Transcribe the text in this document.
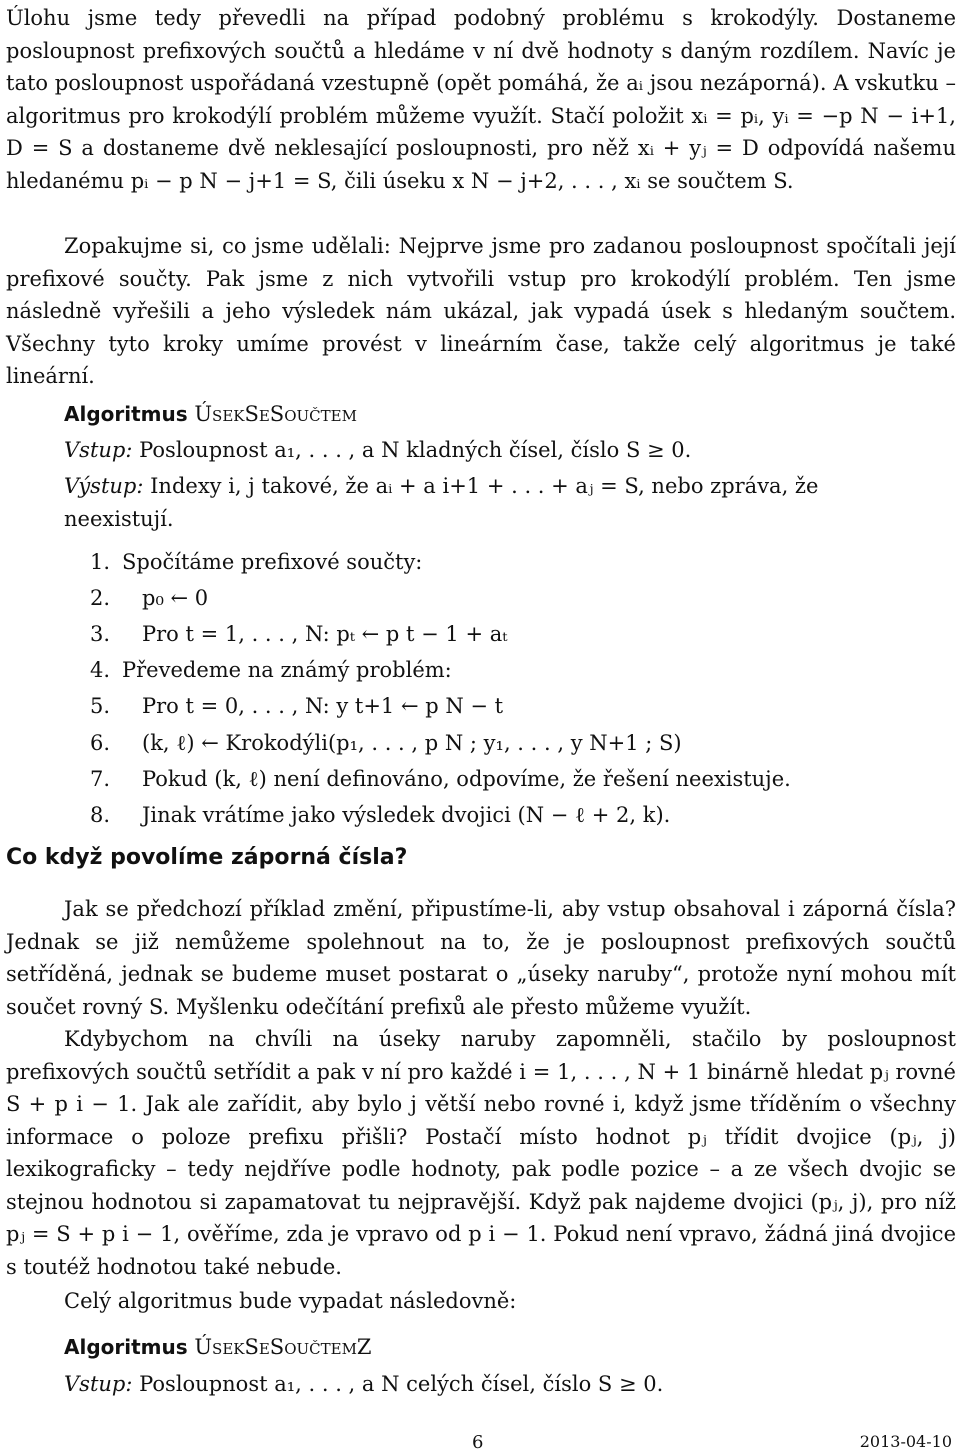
Úlohu jsme tedy převedli na případ podobný problému s krokodýly. Dostaneme posloupnost prefixových součtů a hledáme v ní dvě hodnoty s daným rozdílem. Navíc je tato posloupnost uspořádaná vzestupně (opět pomáhá, že aᵢ jsou nezáporná). A vskutku – algoritmus pro krokodýlí problém můžeme využít. Stačí položit xᵢ = pᵢ, yᵢ = −p N − i+1, D = S a dostaneme dvě neklesající posloupnosti, pro něž xᵢ + yⱼ = D odpovídá našemu hledanému pᵢ − p N − j+1 = S, čili úseku x N − j+2, . . . , xᵢ se součtem S.

Zopakujme si, co jsme udělali: Nejprve jsme pro zadanou posloupnost spočítali její prefixové součty. Pak jsme z nich vytvořili vstup pro krokodýlí problém. Ten jsme následně vyřešili a jeho výsledek nám ukázal, jak vypadá úsek s hledaným součtem. Všechny tyto kroky umíme provést v lineárním čase, takže celý algoritmus je také lineární.

Algoritmus ÚsekSeSoučtem
Vstup: Posloupnost a₁, . . . , a N kladných čísel, číslo S ≥ 0.
Výstup: Indexy i, j takové, že aᵢ + a i+1 + . . . + aⱼ = S, nebo zpráva, že
neexistují.
1. Spočítáme prefixové součty:
2. p₀ ← 0
3. Pro t = 1, . . . , N: pₜ ← p t − 1 + aₜ
4. Převedeme na známý problém:
5. Pro t = 0, . . . , N: y t+1 ← p N − t
6. (k, ℓ) ← Krokodýli(p₁, . . . , p N ; y₁, . . . , y N+1 ; S)
7. Pokud (k, ℓ) není definováno, odpovíme, že řešení neexistuje.
8. Jinak vrátíme jako výsledek dvojici (N − ℓ + 2, k).
Co když povolíme záporná čísla?

Jak se předchozí příklad změní, připustíme-li, aby vstup obsahoval i záporná čísla? Jednak se již nemůžeme spolehnout na to, že je posloupnost prefixových součtů setříděná, jednak se budeme muset postarat o „úseky naruby“, protože nyní mohou mít součet rovný S. Myšlenku odečítání prefixů ale přesto můžeme využít.

Kdybychom na chvíli na úseky naruby zapomněli, stačilo by posloupnost prefixových součtů setřídit a pak v ní pro každé i = 1, . . . , N + 1 binárně hledat pⱼ rovné S + p i − 1. Jak ale zařídit, aby bylo j větší nebo rovné i, když jsme tříděním o všechny informace o poloze prefixu přišli? Postačí místo hodnot pⱼ třídit dvojice (pⱼ, j) lexikograficky – tedy nejdříve podle hodnoty, pak podle pozice – a ze všech dvojic se stejnou hodnotou si zapamatovat tu nejpravější. Když pak najdeme dvojici (pⱼ, j), pro níž pⱼ = S + p i − 1, ověříme, zda je vpravo od p i − 1. Pokud není vpravo, žádná jiná dvojice s toutéž hodnotou také nebude.

Celý algoritmus bude vypadat následovně:

Algoritmus ÚsekSeSoučtemZ
Vstup: Posloupnost a₁, . . . , a N celých čísel, číslo S ≥ 0.
6	2013-04-10
